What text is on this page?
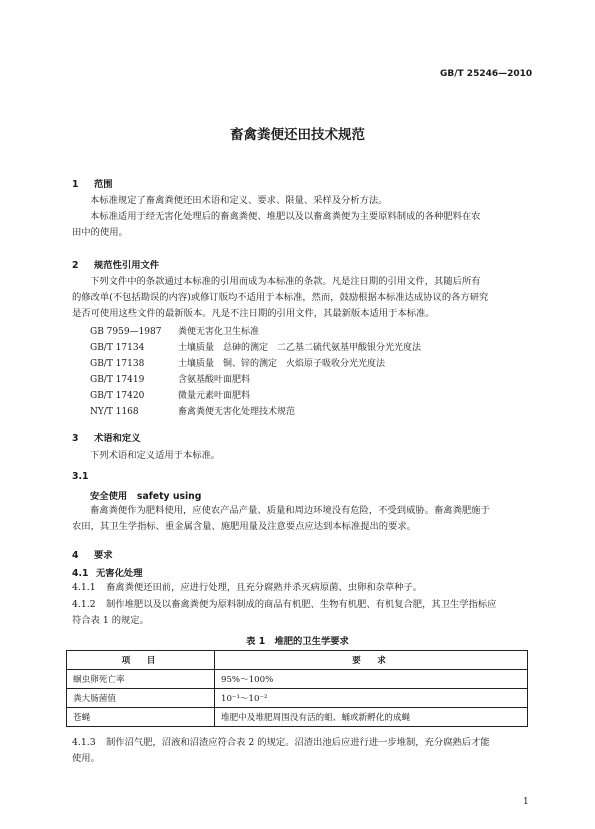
GB/T 25246—2010
畜禽粪便还田技术规范
1 范围

本标准规定了畜禽粪便还田术语和定义、要求、限量、采样及分析方法。

本标准适用于经无害化处理后的畜禽粪便、堆肥以及以畜禽粪便为主要原料制成的各种肥料在农

田中的使用。

2 规范性引用文件

下列文件中的条款通过本标准的引用而成为本标准的条款。凡是注日期的引用文件，其随后所有

的修改单(不包括勘误的内容)或修订版均不适用于本标准，然而，鼓励根据本标准达成协议的各方研究

是否可使用这些文件的最新版本。凡是不注日期的引用文件，其最新版本适用于本标准。

GB 7959—1987 粪便无害化卫生标准

GB/T 17134	土壤质量　总砷的测定　二乙基二硫代氨基甲酸银分光光度法

GB/T 17138	土壤质量　铜、锌的测定　火焰原子吸收分光光度法

GB/T 17419	含氨基酸叶面肥料

GB/T 17420	微量元素叶面肥料

NY/T 1168	畜禽粪便无害化处理技术规范

3 术语和定义
下列术语和定义适用于本标准。
3.1
安全使用 safety using

畜禽粪便作为肥料使用，应使农产品产量、质量和周边环境没有危险，不受到威胁。畜禽粪肥施于

农田，其卫生学指标、重金属含量、施肥用量及注意要点应达到本标准提出的要求。

4 要求
4.1 无害化处理

4.1.1 畜禽粪便还田前，应进行处理，且充分腐熟并杀灭病原菌、虫卵和杂草种子。

4.1.2 制作堆肥以及以畜禽粪便为原料制成的商品有机肥、生物有机肥、有机复合肥，其卫生学指标应

符合表 1 的规定。

表 1　堆肥的卫生学要求
项　目	要　求
蛔虫卵死亡率	95%～100%
粪大肠菌值	10⁻¹～10⁻²
苍蝇	堆肥中及堆肥周围没有活的蛆、蛹或新孵化的成蝇

4.1.3 制作沼气肥，沼液和沼渣应符合表 2 的规定。沼渣出池后应进行进一步堆制，充分腐熟后才能

使用。

1
